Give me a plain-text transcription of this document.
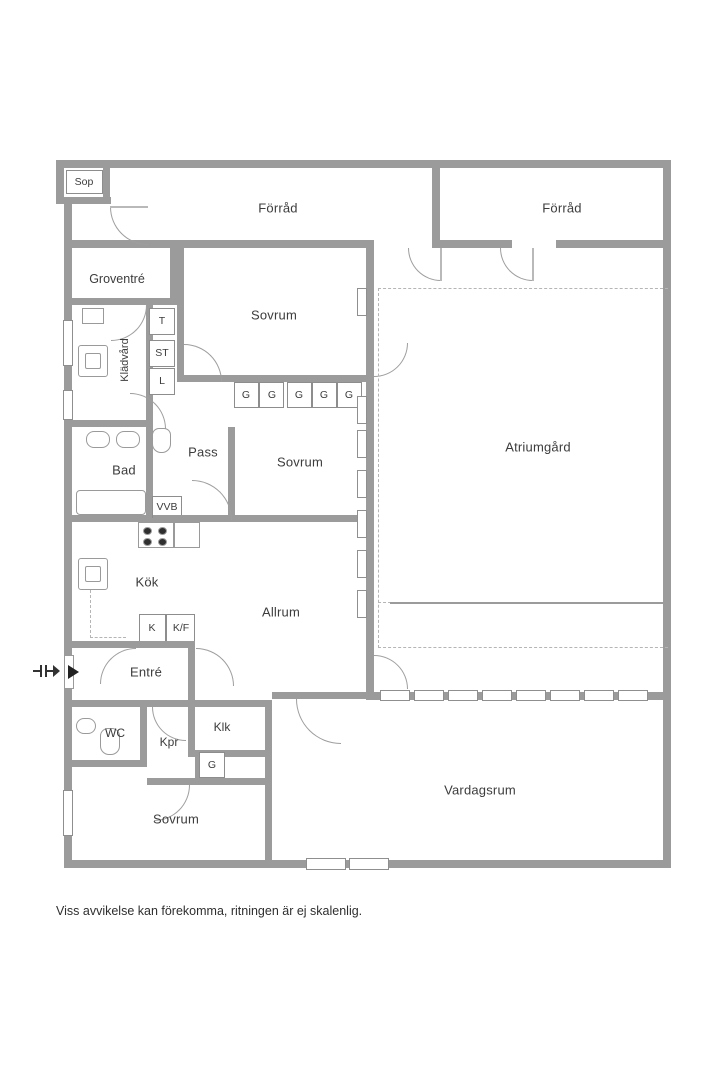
Sop
T
ST
L
VVB
G G G G G
K K/F
G
Förråd	Förråd
Groventré
Sovrum
Klädvård
Atriumgård
Bad
Pass
Sovrum
Kök
Allrum
Entré
WC
Kpr
Klk
Sovrum
Vardagsrum
Viss avvikelse kan förekomma, ritningen är ej skalenlig.
